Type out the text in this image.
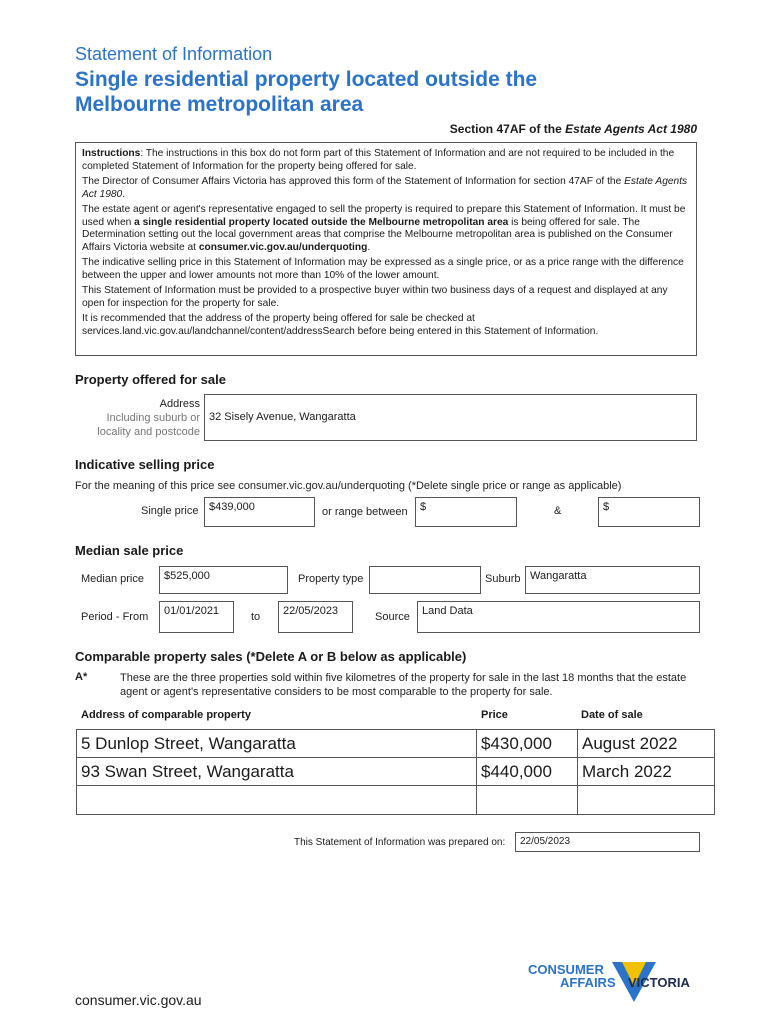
Statement of Information
Single residential property located outside the
Melbourne metropolitan area
Section 47AF of the Estate Agents Act 1980

Instructions: The instructions in this box do not form part of this Statement of Information and are not required to be included in the completed Statement of Information for the property being offered for sale.

The Director of Consumer Affairs Victoria has approved this form of the Statement of Information for section 47AF of the Estate Agents Act 1980.

The estate agent or agent's representative engaged to sell the property is required to prepare this Statement of Information. It must be used when a single residential property located outside the Melbourne metropolitan area is being offered for sale. The Determination setting out the local government areas that comprise the Melbourne metropolitan area is published on the Consumer Affairs Victoria website at consumer.vic.gov.au/underquoting.

The indicative selling price in this Statement of Information may be expressed as a single price, or as a price range with the difference between the upper and lower amounts not more than 10% of the lower amount.

This Statement of Information must be provided to a prospective buyer within two business days of a request and displayed at any open for inspection for the property for sale.

It is recommended that the address of the property being offered for sale be checked at services.land.vic.gov.au/landchannel/content/addressSearch before being entered in this Statement of Information.

Property offered for sale
Address
Including suburb or
locality and postcode
32 Sisely Avenue, Wangaratta
Indicative selling price
For the meaning of this price see consumer.vic.gov.au/underquoting (*Delete single price or range as applicable)
Single price $439,000	or range between	$	&	$
Median sale price
Median price	$525,000	Property type	Suburb Wangaratta
Period - From	01/01/2021	to	22/05/2023	Source	Land Data
Comparable property sales (*Delete A or B below as applicable)
A*	These are the three properties sold within five kilometres of the property for sale in the last 18 months that the estate agent or agent's representative considers to be most comparable to the property for sale.
Address of comparable property	Price	Date of sale
5 Dunlop Street, Wangaratta	$430,000	August 2022
93 Swan Street, Wangaratta	$440,000	March 2022
This Statement of Information was prepared on:	22/05/2023
CONSUMER
AFFAIRS VICTORIA
consumer.vic.gov.au
